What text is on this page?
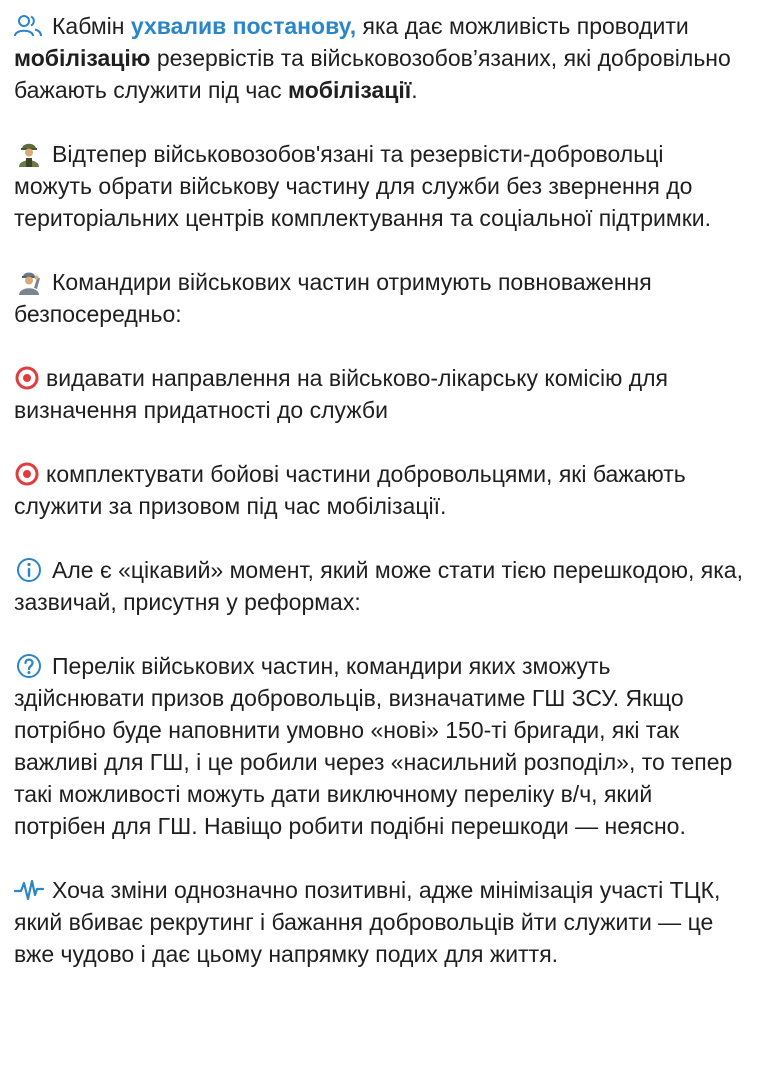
Кабмін ухвалив постанову, яка дає можливість проводити мобілізацію резервістів та військовозобов’язаних, які добровільно бажають служити під час мобілізації.

Відтепер військовозобов'язані та резервісти-добровольці можуть обрати військову частину для служби без звернення до територіальних центрів комплектування та соціальної підтримки.

Командири військових частин отримують повноваження безпосередньо:

видавати направлення на військово-лікарську комісію для визначення придатності до служби

комплектувати бойові частини добровольцями, які бажають служити за призовом під час мобілізації.

Але є «цікавий» момент, який може стати тією перешкодою, яка, зазвичай, присутня у реформах:

Перелік військових частин, командири яких зможуть здійснювати призов добровольців, визначатиме ГШ ЗСУ. Якщо потрібно буде наповнити умовно «нові» 150-ті бригади, які так важливі для ГШ, і це робили через «насильний розподіл», то тепер такі можливості можуть дати виключному переліку в/ч, який потрібен для ГШ. Навіщо робити подібні перешкоди — неясно.

Хоча зміни однозначно позитивні, адже мінімізація участі ТЦК, який вбиває рекрутинг і бажання добровольців йти служити — це вже чудово і дає цьому напрямку подих для життя.
